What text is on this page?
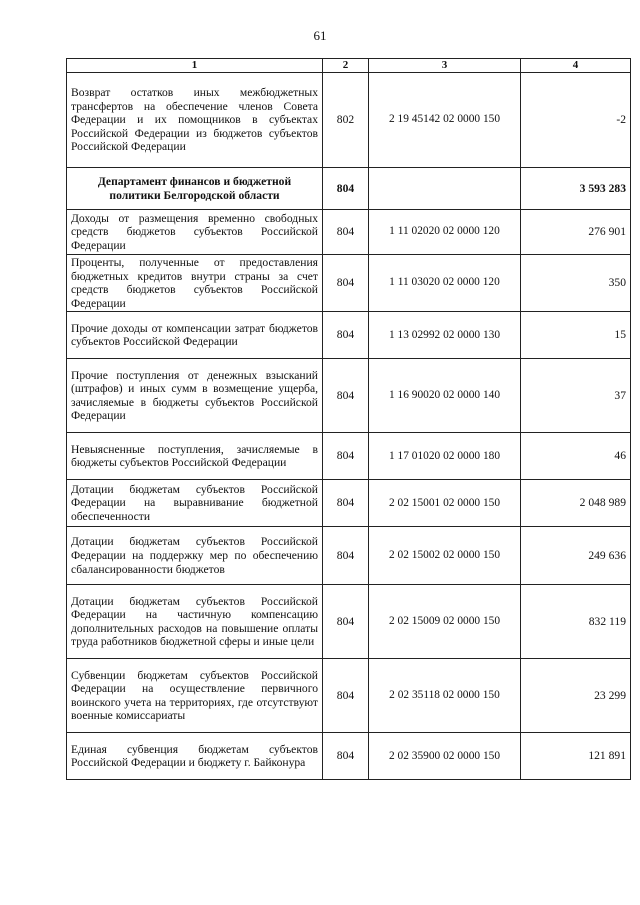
61
1	2	3	4
Возврат остатков иных межбюджетных трансфертов на обеспечение членов Совета Федерации и их помощников в субъектах Российской Федерации из бюджетов субъектов Российской Федерации	802	2 19 45142 02 0000 150	-2
Департамент финансов и бюджетной политики Белгородской области	804		3 593 283
Доходы от размещения временно свободных средств бюджетов субъектов Российской Федерации	804	1 11 02020 02 0000 120	276 901
Проценты, полученные от предоставления бюджетных кредитов внутри страны за счет средств бюджетов субъектов Российской Федерации	804	1 11 03020 02 0000 120	350
Прочие доходы от компенсации затрат бюджетов субъектов Российской Федерации	804	1 13 02992 02 0000 130	15
Прочие поступления от денежных взысканий (штрафов) и иных сумм в возмещение ущерба, зачисляемые в бюджеты субъектов Российской Федерации	804	1 16 90020 02 0000 140	37
Невыясненные поступления, зачисляемые в бюджеты субъектов Российской Федерации	804	1 17 01020 02 0000 180	46
Дотации бюджетам субъектов Российской Федерации на выравнивание бюджетной обеспеченности	804	2 02 15001 02 0000 150	2 048 989
Дотации бюджетам субъектов Российской Федерации на поддержку мер по обеспечению сбалансированности бюджетов	804	2 02 15002 02 0000 150	249 636
Дотации бюджетам субъектов Российской Федерации на частичную компенсацию дополнительных расходов на повышение оплаты труда работников бюджетной сферы и иные цели	804	2 02 15009 02 0000 150	832 119
Субвенции бюджетам субъектов Российской Федерации на осуществление первичного воинского учета на территориях, где отсутствуют военные комиссариаты	804	2 02 35118 02 0000 150	23 299
Единая субвенция бюджетам субъектов Российской Федерации и бюджету г. Байконура	804	2 02 35900 02 0000 150	121 891
